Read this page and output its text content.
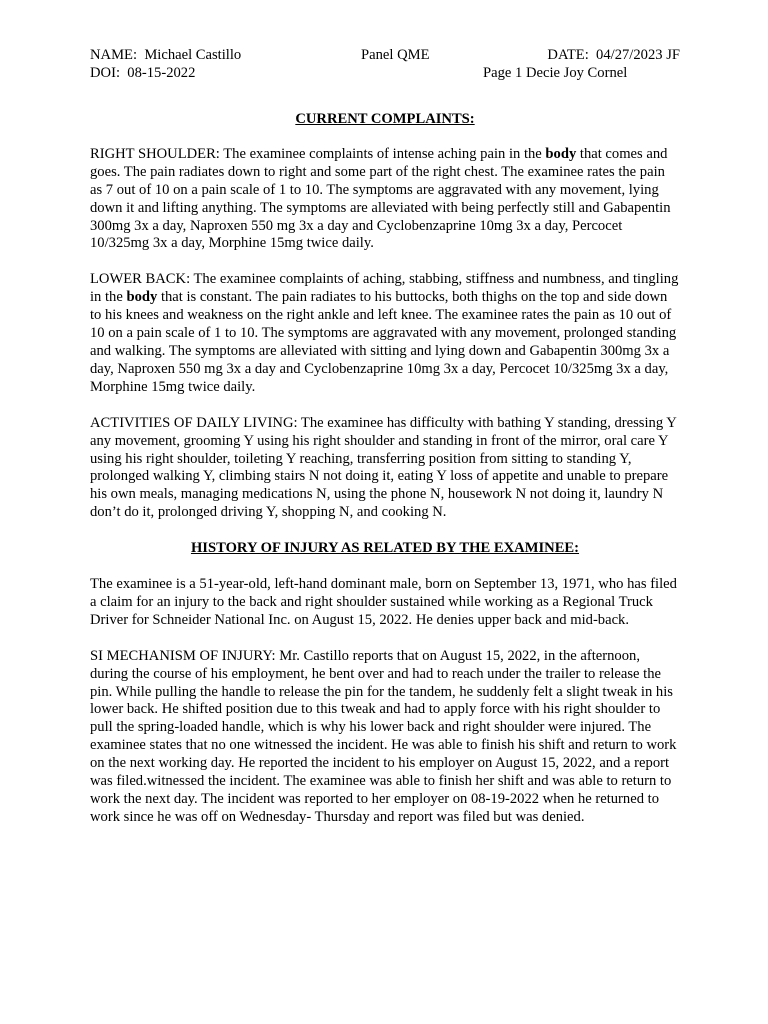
NAME:  Michael Castillo	Panel QME	DATE:  04/27/2023 JF
DOI:  08-15-2022	Page 1 Decie Joy Cornel

CURRENT COMPLAINTS:

RIGHT SHOULDER: The examinee complaints of intense aching pain in the body that comes and goes. The pain radiates down to right and some part of the right chest. The examinee rates the pain as 7 out of 10 on a pain scale of 1 to 10. The symptoms are aggravated with any movement, lying down it and lifting anything. The symptoms are alleviated with being perfectly still and Gabapentin 300mg 3x a day, Naproxen 550 mg 3x a day and Cyclobenzaprine 10mg 3x a day, Percocet 10/325mg 3x a day, Morphine 15mg twice daily.

LOWER BACK: The examinee complaints of aching, stabbing, stiffness and numbness, and tingling in the body that is constant. The pain radiates to his buttocks, both thighs on the top and side down to his knees and weakness on the right ankle and left knee. The examinee rates the pain as 10 out of 10 on a pain scale of 1 to 10. The symptoms are aggravated with any movement, prolonged standing and walking. The symptoms are alleviated with sitting and lying down and Gabapentin 300mg 3x a day, Naproxen 550 mg 3x a day and Cyclobenzaprine 10mg 3x a day, Percocet 10/325mg 3x a day, Morphine 15mg twice daily.

ACTIVITIES OF DAILY LIVING: The examinee has difficulty with bathing Y standing, dressing Y any movement, grooming Y using his right shoulder and standing in front of the mirror, oral care Y using his right shoulder, toileting Y reaching, transferring position from sitting to standing Y, prolonged walking Y, climbing stairs N not doing it, eating Y loss of appetite and unable to prepare his own meals, managing medications N, using the phone N, housework N not doing it, laundry N don’t do it, prolonged driving Y, shopping N, and cooking N.

HISTORY OF INJURY AS RELATED BY THE EXAMINEE:

The examinee is a 51-year-old, left-hand dominant male, born on September 13, 1971, who has filed a claim for an injury to the back and right shoulder sustained while working as a Regional Truck Driver for Schneider National Inc. on August 15, 2022. He denies upper back and mid-back.

SI MECHANISM OF INJURY: Mr. Castillo reports that on August 15, 2022, in the afternoon, during the course of his employment, he bent over and had to reach under the trailer to release the pin. While pulling the handle to release the pin for the tandem, he suddenly felt a slight tweak in his lower back. He shifted position due to this tweak and had to apply force with his right shoulder to pull the spring-loaded handle, which is why his lower back and right shoulder were injured. The examinee states that no one witnessed the incident. He was able to finish his shift and return to work on the next working day. He reported the incident to his employer on August 15, 2022, and a report was filed.witnessed the incident. The examinee was able to finish her shift and was able to return to work the next day. The incident was reported to her employer on 08-19-2022 when he returned to work since he was off on Wednesday- Thursday and report was filed but was denied.
